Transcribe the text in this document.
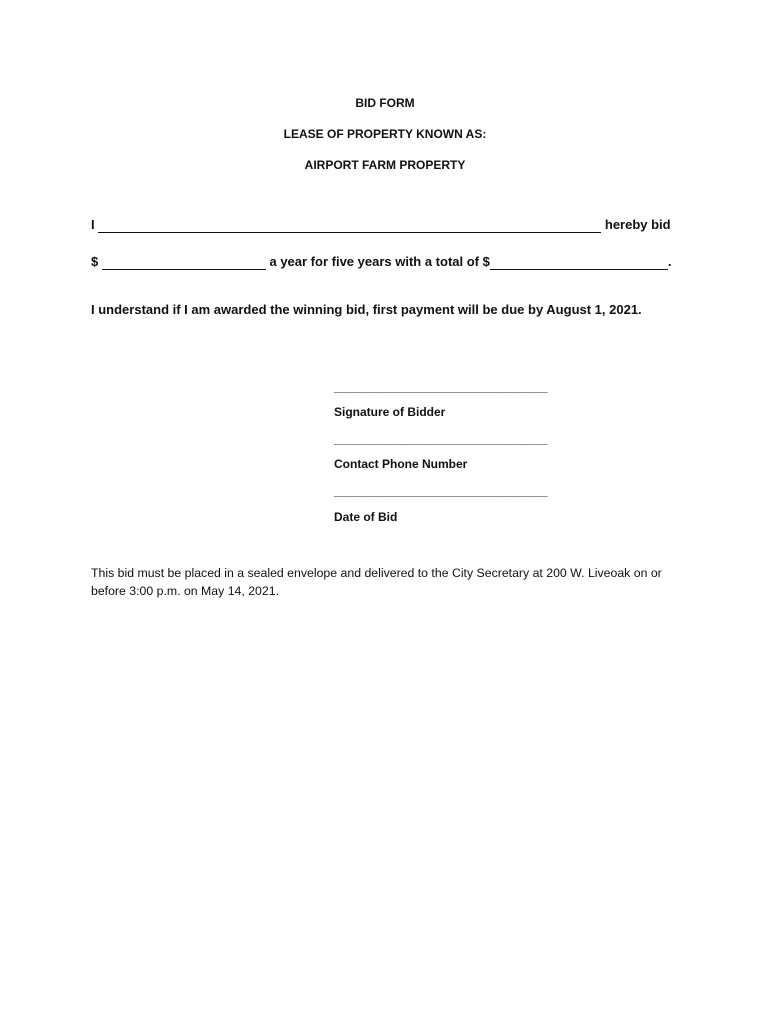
BID FORM
LEASE OF PROPERTY KNOWN AS:
AIRPORT FARM PROPERTY
I	hereby bid
$	a year for five years with a total of $	.
I understand if I am awarded the winning bid, first payment will be due by August 1, 2021.
________________________________
Signature of Bidder
________________________________
Contact Phone Number
________________________________
Date of Bid
This bid must be placed in a sealed envelope and delivered to the City Secretary at 200 W. Liveoak on or before 3:00 p.m. on May 14, 2021.
